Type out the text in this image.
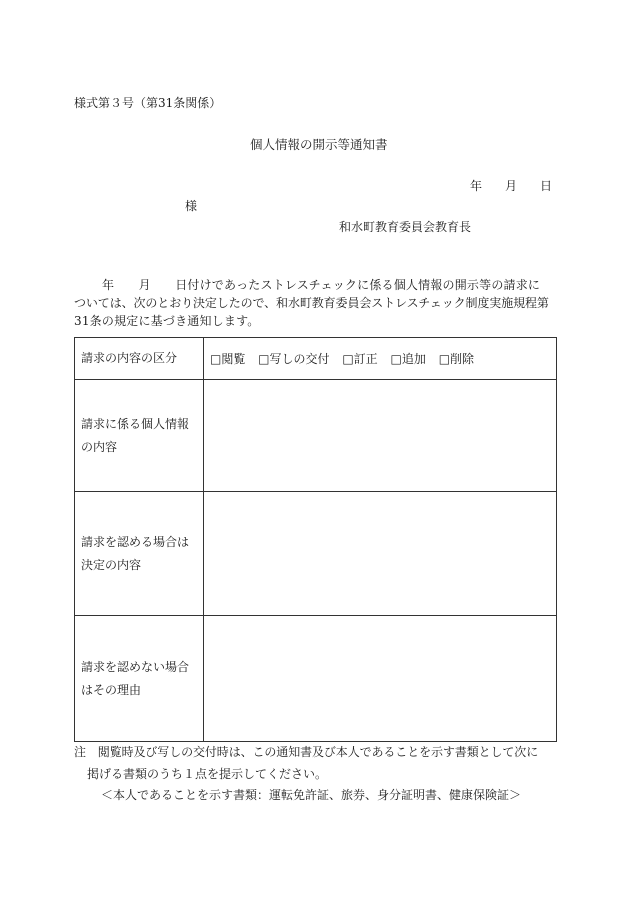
様式第３号（第31条関係）
個人情報の開示等通知書
年 月 日
様
和水町教育委員会教育長
年　　月　　日付けであったストレスチェックに係る個人情報の開示等の請求に
ついては、次のとおり決定したので、和水町教育委員会ストレスチェック制度実施規程第
31条の規定に基づき通知します。
請求の内容の区分	□閲覧 □写しの交付 □訂正 □追加 □削除

請求に係る個人情報
の内容	

請求を認める場合は
決定の内容	

請求を認めない場合
はその理由	

注　閲覧時及び写しの交付時は、この通知書及び本人であることを示す書類として次に
掲げる書類のうち１点を提示してください。
＜本人であることを示す書類：運転免許証、旅券、身分証明書、健康保険証＞
